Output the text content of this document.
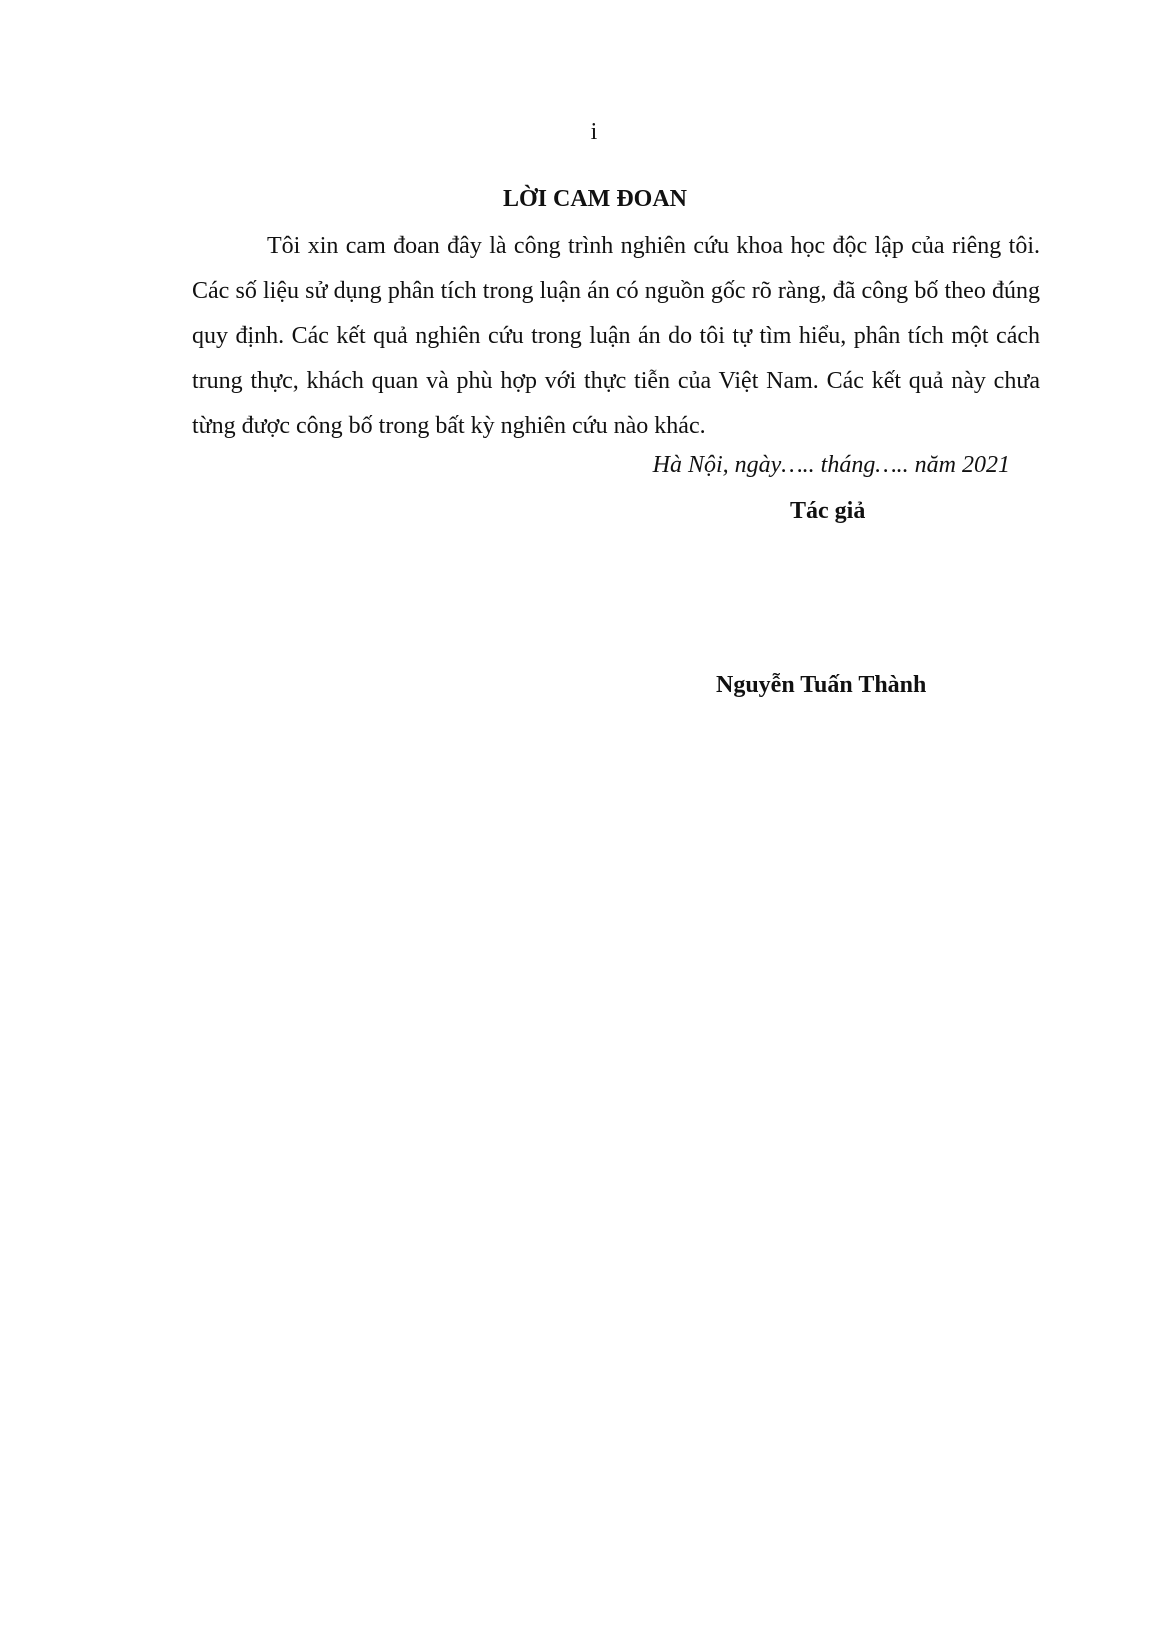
i
LỜI CAM ĐOAN

Tôi xin cam đoan đây là công trình nghiên cứu khoa học độc lập của riêng tôi. Các số liệu sử dụng phân tích trong luận án có nguồn gốc rõ ràng, đã công bố theo đúng quy định. Các kết quả nghiên cứu trong luận án do tôi tự tìm hiểu, phân tích một cách trung thực, khách quan và phù hợp với thực tiễn của Việt Nam. Các kết quả này chưa từng được công bố trong bất kỳ nghiên cứu nào khác.

Hà Nội, ngày….. tháng….. năm 2021
Tác giả
Nguyễn Tuấn Thành
